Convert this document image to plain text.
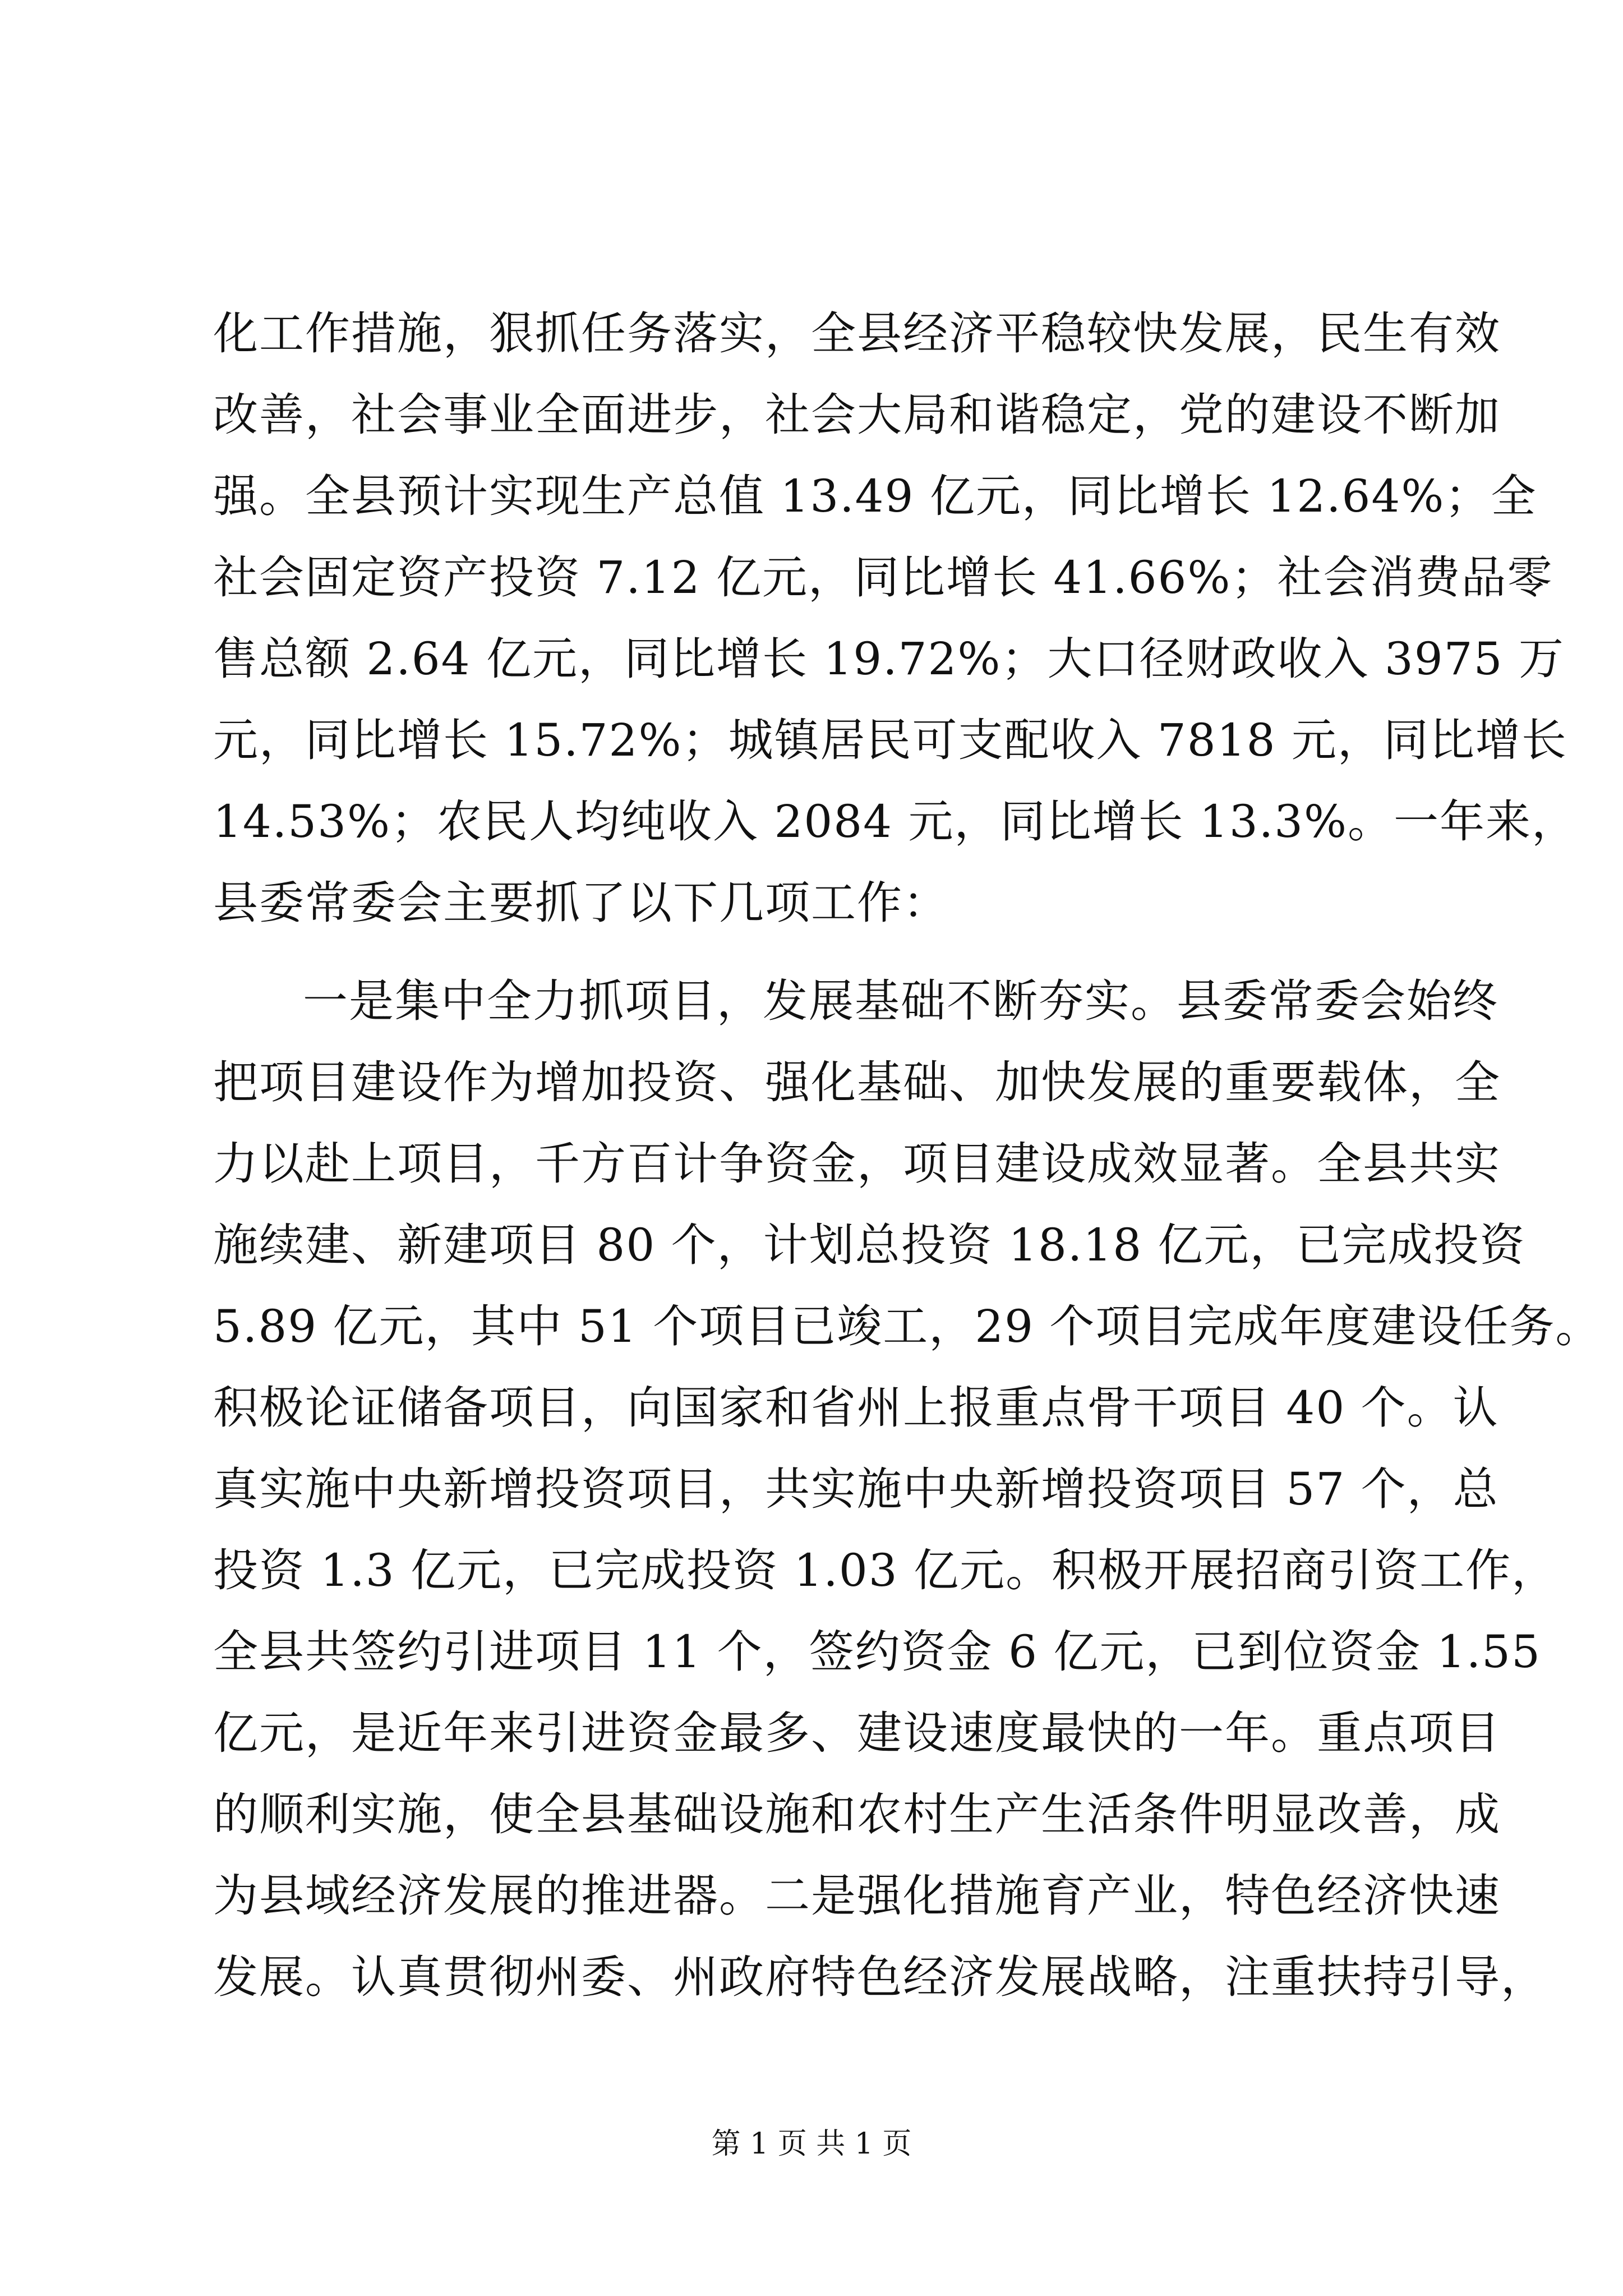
化工作措施，狠抓任务落实，全县经济平稳较快发展，民生有效
改善，社会事业全面进步，社会大局和谐稳定，党的建设不断加
强。全县预计实现生产总值 13.49 亿元，同比增长 12.64%；全
社会固定资产投资 7.12 亿元，同比增长 41.66%；社会消费品零
售总额 2.64 亿元，同比增长 19.72%；大口径财政收入 3975 万
元，同比增长 15.72%；城镇居民可支配收入 7818 元，同比增长
14.53%；农民人均纯收入 2084 元，同比增长 13.3%。一年来，
县委常委会主要抓了以下几项工作：
一是集中全力抓项目，发展基础不断夯实。县委常委会始终
把项目建设作为增加投资、强化基础、加快发展的重要载体，全
力以赴上项目，千方百计争资金，项目建设成效显著。全县共实
施续建、新建项目 80 个，计划总投资 18.18 亿元，已完成投资
5.89 亿元，其中 51 个项目已竣工，29 个项目完成年度建设任务。
积极论证储备项目，向国家和省州上报重点骨干项目 40 个。认
真实施中央新增投资项目，共实施中央新增投资项目 57 个，总
投资 1.3 亿元，已完成投资 1.03 亿元。积极开展招商引资工作，
全县共签约引进项目 11 个，签约资金 6 亿元，已到位资金 1.55
亿元，是近年来引进资金最多、建设速度最快的一年。重点项目
的顺利实施，使全县基础设施和农村生产生活条件明显改善，成
为县域经济发展的推进器。二是强化措施育产业，特色经济快速
发展。认真贯彻州委、州政府特色经济发展战略，注重扶持引导，
第 1 页 共 1 页
